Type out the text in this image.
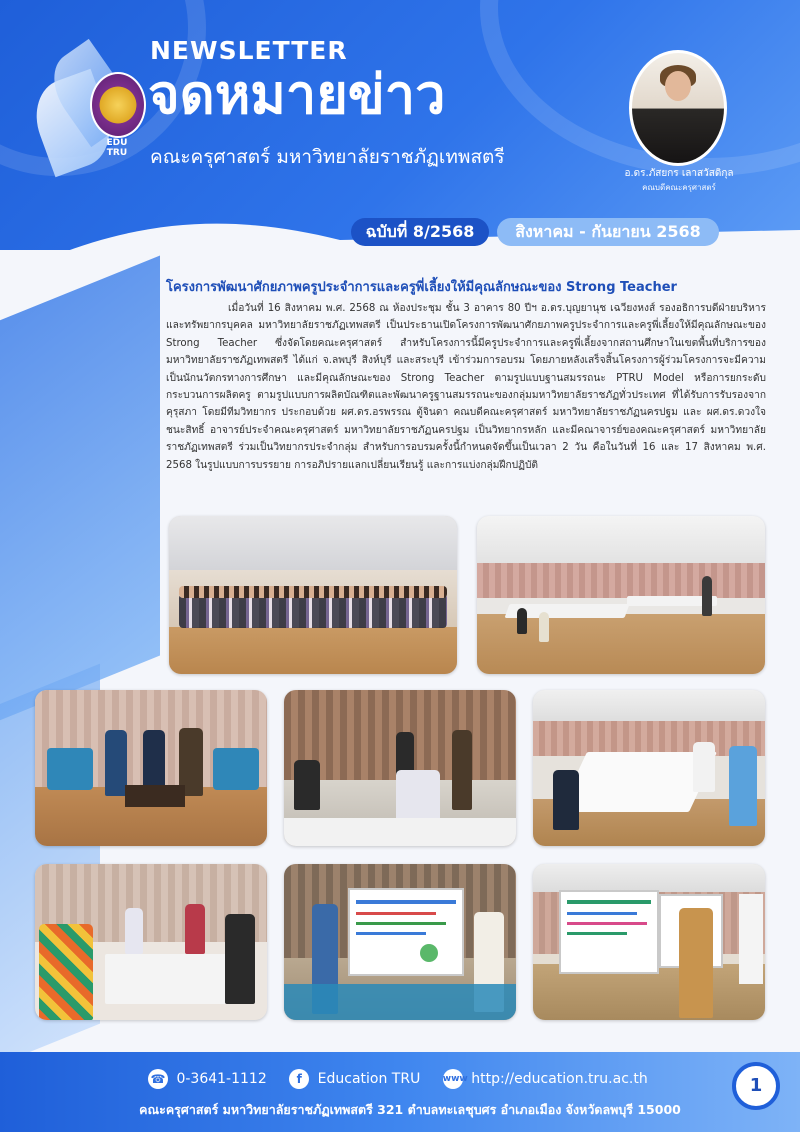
EDU TRU
NEWSLETTER
จดหมายข่าว
คณะครุศาสตร์ มหาวิทยาลัยราชภัฏเทพสตรี
อ.ดร.ภัสยกร เลาสวัสดิกุล
คณบดีคณะครุศาสตร์
ฉบับที่ 8/2568	สิงหาคม - กันยายน 2568
โครงการพัฒนาศักยภาพครูประจำการและครูพี่เลี้ยงให้มีคุณลักษณะของ Strong Teacher
เมื่อวันที่ 16 สิงหาคม พ.ศ. 2568 ณ ห้องประชุม ชั้น 3 อาคาร 80 ปีฯ อ.ดร.บุญยานุช เฉวียงหงส์ รองอธิการบดีฝ่ายบริหารและทรัพยากรบุคคล มหาวิทยาลัยราชภัฏเทพสตรี เป็นประธานเปิดโครงการพัฒนาศักยภาพครูประจำการและครูพี่เลี้ยงให้มีคุณลักษณะของ Strong Teacher ซึ่งจัดโดยคณะครุศาสตร์ สำหรับโครงการนี้มีครูประจำการและครูพี่เลี้ยงจากสถานศึกษาในเขตพื้นที่บริการของมหาวิทยาลัยราชภัฏเทพสตรี ได้แก่ จ.ลพบุรี สิงห์บุรี และสระบุรี เข้าร่วมการอบรม โดยภายหลังเสร็จสิ้นโครงการผู้ร่วมโครงการจะมีความเป็นนักนวัตกรทางการศึกษา และมีคุณลักษณะของ Strong Teacher ตามรูปแบบฐานสมรรถนะ PTRU Model หรือการยกระดับกระบวนการผลิตครู ตามรูปแบบการผลิตบัณฑิตและพัฒนาครูฐานสมรรถนะของกลุ่มมหาวิทยาลัยราชภัฏทั่วประเทศ ที่ได้รับการรับรองจากคุรุสภา โดยมีทีมวิทยากร ประกอบด้วย ผศ.ดร.อรพรรณ ตู้จินดา คณบดีคณะครุศาสตร์ มหาวิทยาลัยราชภัฏนครปฐม และ ผศ.ดร.ดวงใจ ชนะสิทธิ์ อาจารย์ประจำคณะครุศาสตร์ มหาวิทยาลัยราชภัฏนครปฐม เป็นวิทยากรหลัก และมีคณาจารย์ของคณะครุศาสตร์ มหาวิทยาลัยราชภัฏเทพสตรี ร่วมเป็นวิทยากรประจำกลุ่ม สำหรับการอบรมครั้งนี้กำหนดจัดขึ้นเป็นเวลา 2 วัน คือในวันที่ 16 และ 17 สิงหาคม พ.ศ. 2568 ในรูปแบบการบรรยาย การอภิปรายแลกเปลี่ยนเรียนรู้ และการแบ่งกลุ่มฝึกปฏิบัติ
☎ 0-3641-1112 f Education TRU www http://education.tru.ac.th
คณะครุศาสตร์ มหาวิทยาลัยราชภัฏเทพสตรี 321 ตำบลทะเลชุบศร อำเภอเมือง จังหวัดลพบุรี 15000
1
